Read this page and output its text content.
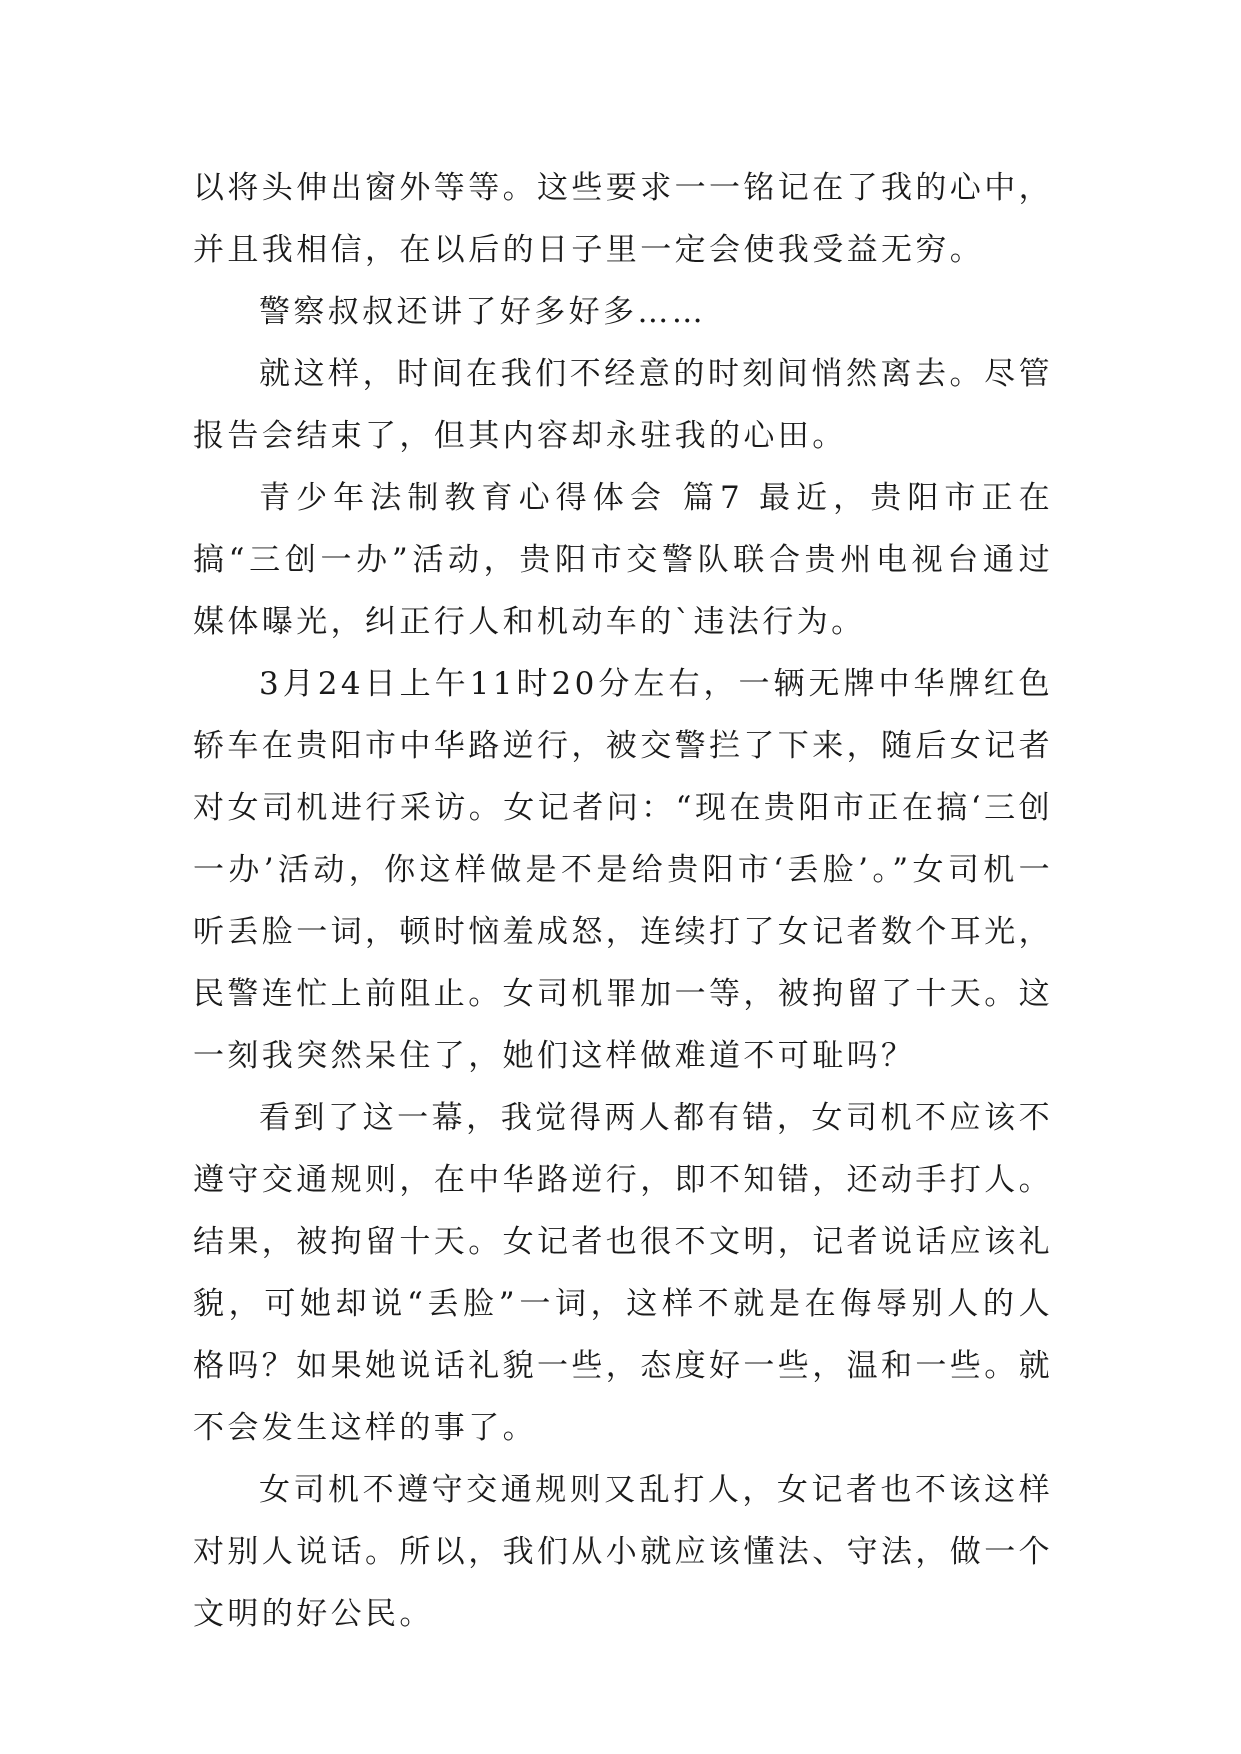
以将头伸出窗外等等。这些要求一一铭记在了我的心中，并且我相信，在以后的日子里一定会使我受益无穷。

警察叔叔还讲了好多好多……

就这样，时间在我们不经意的时刻间悄然离去。尽管报告会结束了，但其内容却永驻我的心田。

青少年法制教育心得体会 篇7 最近，贵阳市正在搞“三创一办”活动，贵阳市交警队联合贵州电视台通过媒体曝光，纠正行人和机动车的`违法行为。

3月24日上午11时20分左右，一辆无牌中华牌红色轿车在贵阳市中华路逆行，被交警拦了下来，随后女记者对女司机进行采访。女记者问：“现在贵阳市正在搞‘三创一办’活动，你这样做是不是给贵阳市‘丢脸’。”女司机一听丢脸一词，顿时恼羞成怒，连续打了女记者数个耳光，民警连忙上前阻止。女司机罪加一等，被拘留了十天。这一刻我突然呆住了，她们这样做难道不可耻吗？

看到了这一幕，我觉得两人都有错，女司机不应该不遵守交通规则，在中华路逆行，即不知错，还动手打人。结果，被拘留十天。女记者也很不文明，记者说话应该礼貌，可她却说“丢脸”一词，这样不就是在侮辱别人的人格吗？如果她说话礼貌一些，态度好一些，温和一些。就不会发生这样的事了。

女司机不遵守交通规则又乱打人，女记者也不该这样对别人说话。所以，我们从小就应该懂法、守法，做一个文明的好公民。
